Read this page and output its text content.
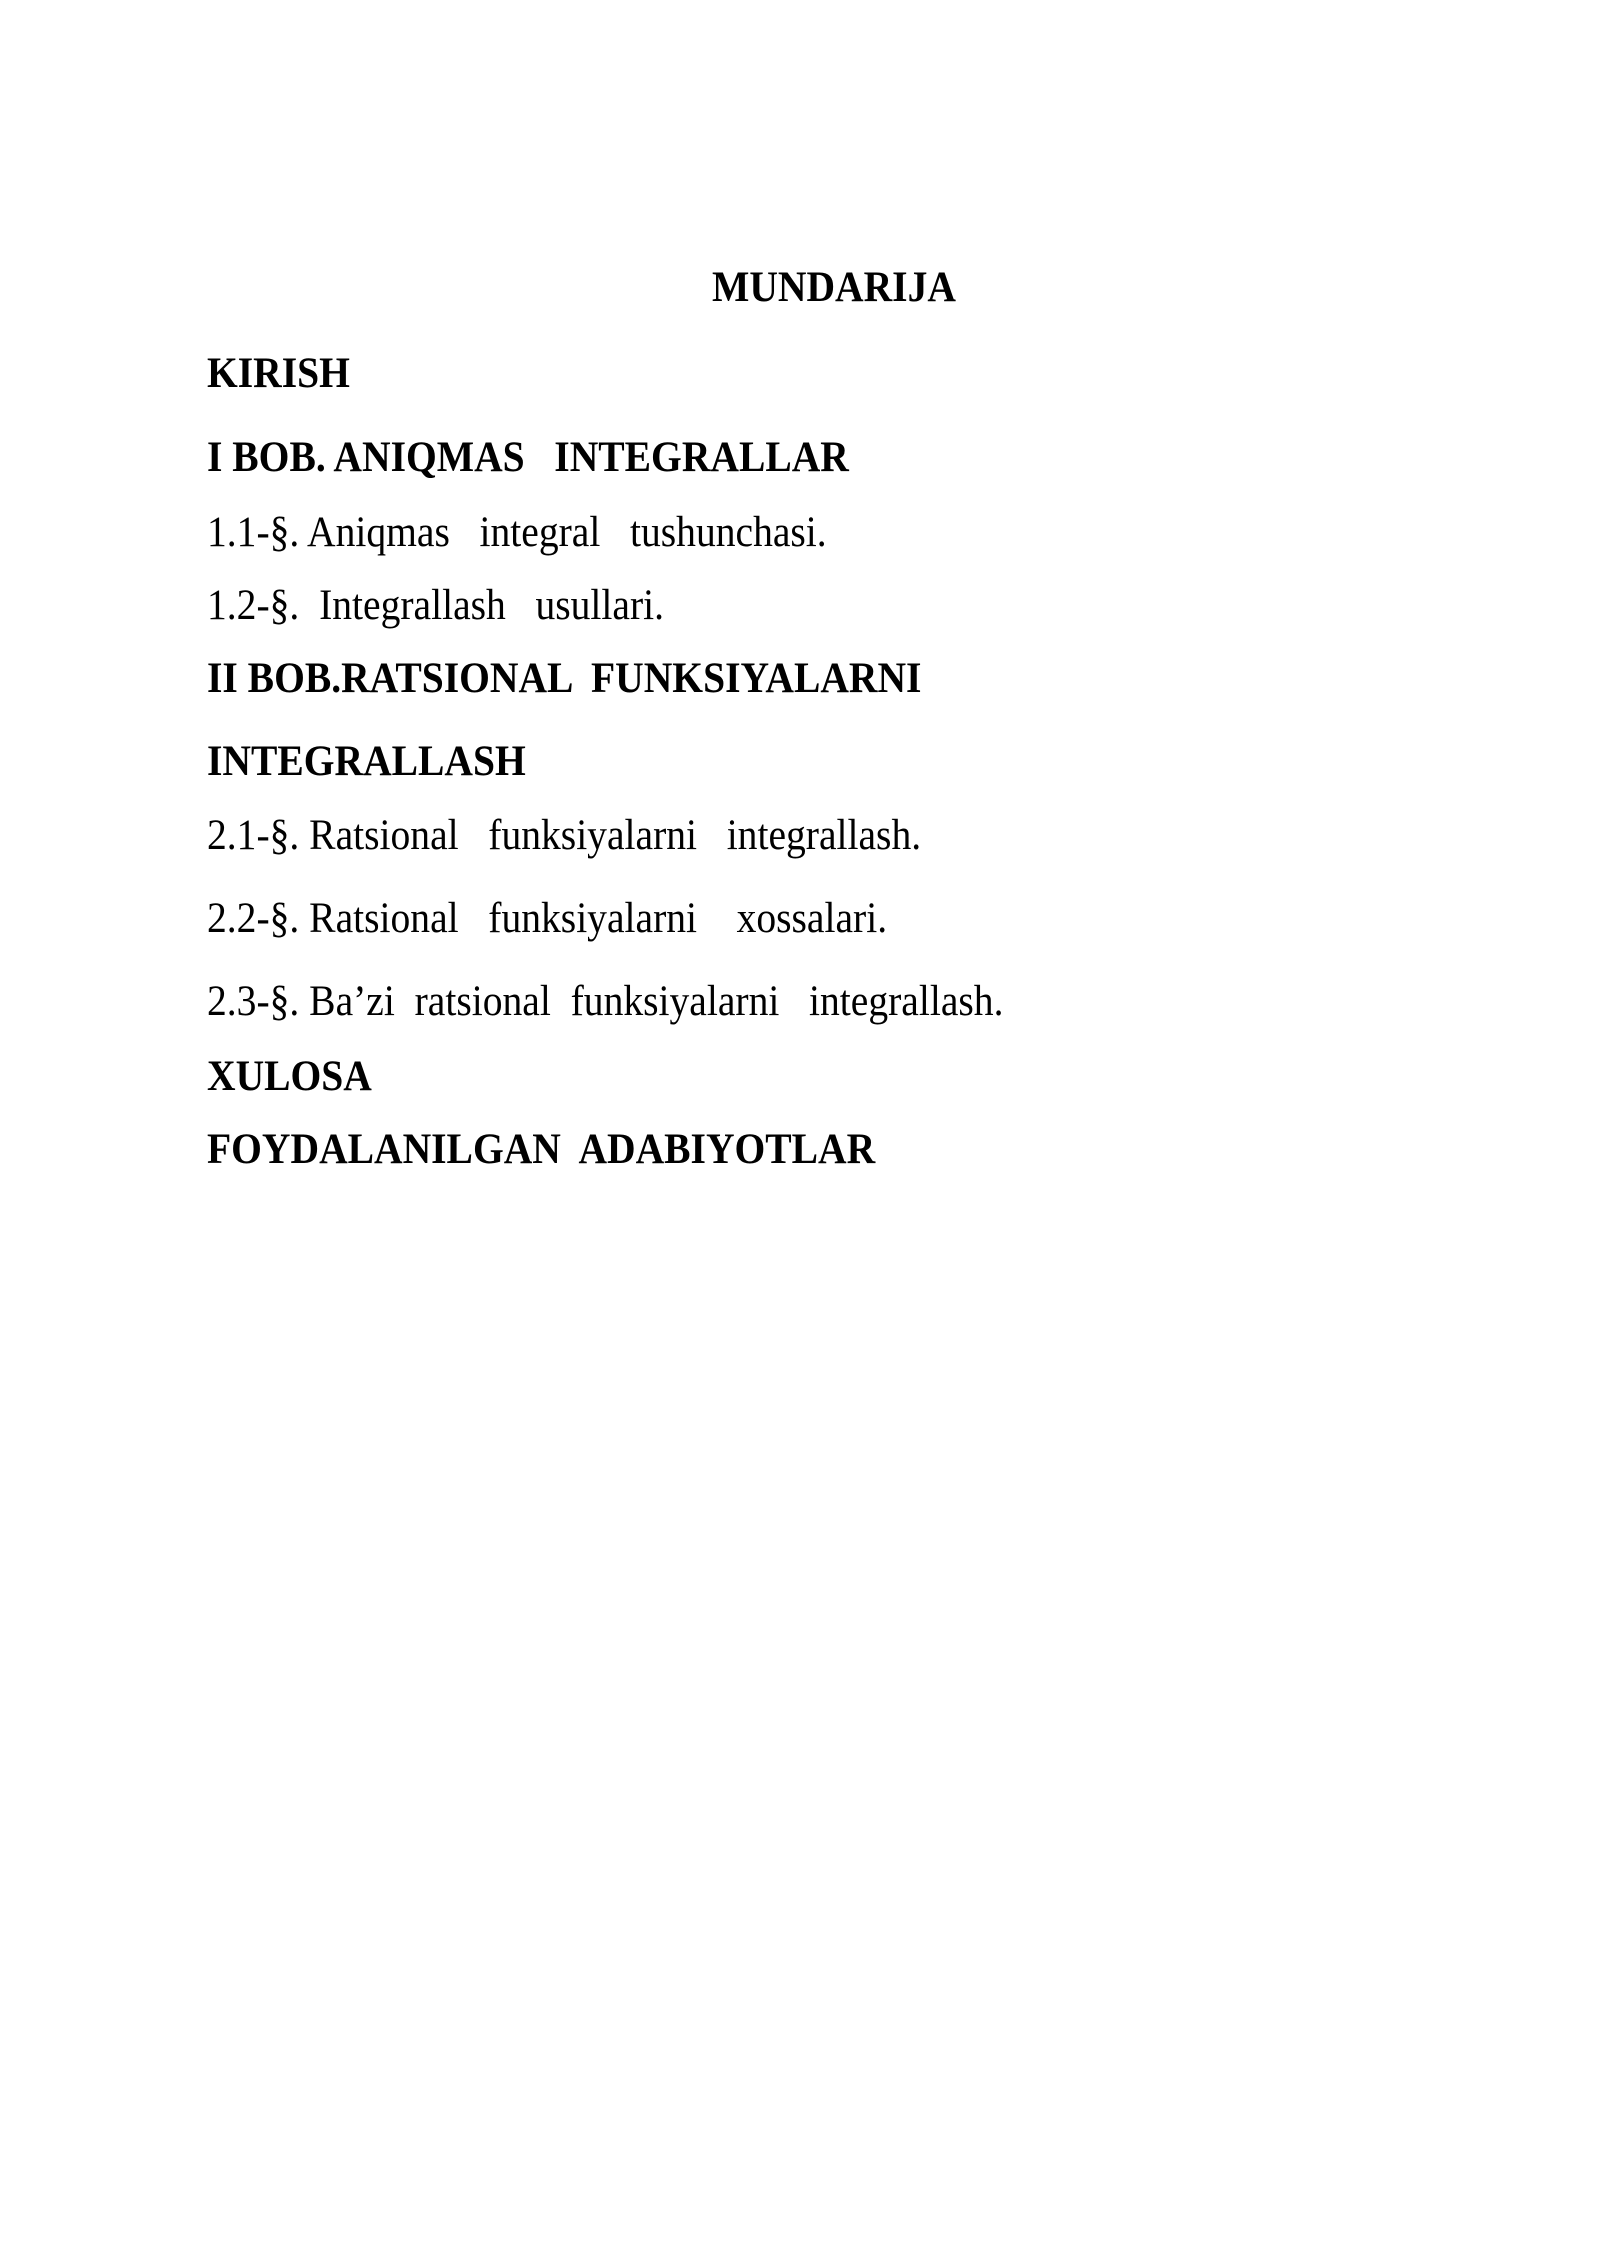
MUNDARIJA
KIRISH
I BOB. ANIQMAS   INTEGRALLAR
1.1-§. Aniqmas   integral   tushunchasi.
1.2-§.  Integrallash   usullari.
II BOB.RATSIONAL  FUNKSIYALARNI
INTEGRALLASH
2.1-§. Ratsional   funksiyalarni   integrallash.
2.2-§. Ratsional   funksiyalarni    xossalari.
2.3-§. Ba’zi  ratsional  funksiyalarni   integrallash.
XULOSA
FOYDALANILGAN  ADABIYOTLAR
